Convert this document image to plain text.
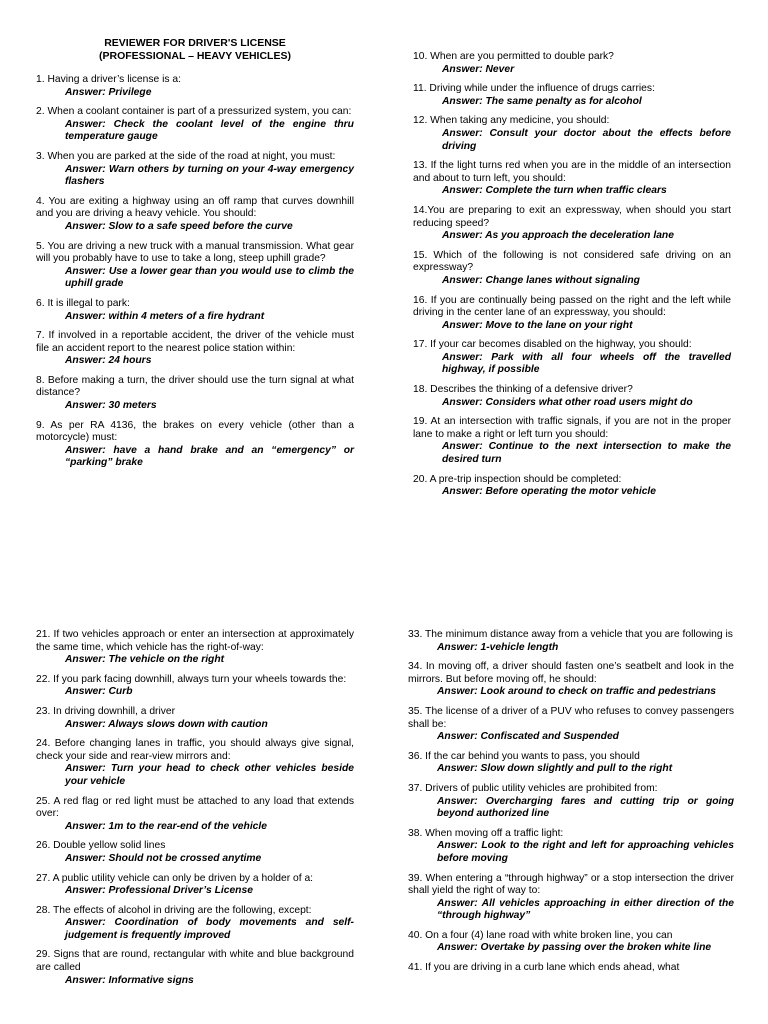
REVIEWER FOR DRIVER'S LICENSE
(PROFESSIONAL – HEAVY VEHICLES)
1. Having a driver’s license is a:
Answer: Privilege
2. When a coolant container is part of a pressurized system, you can:
Answer: Check the coolant level of the engine thru temperature gauge
3. When you are parked at the side of the road at night, you must:
Answer: Warn others by turning on your 4-way emergency flashers
4. You are exiting a highway using an off ramp that curves downhill and you are driving a heavy vehicle. You should:
Answer: Slow to a safe speed before the curve
5. You are driving a new truck with a manual transmission. What gear will you probably have to use to take a long, steep uphill grade?
Answer: Use a lower gear than you would use to climb the uphill grade
6. It is illegal to park:
Answer: within 4 meters of a fire hydrant
7. If involved in a reportable accident, the driver of the vehicle must file an accident report to the nearest police station within:
Answer: 24 hours
8. Before making a turn, the driver should use the turn signal at what distance?
Answer: 30 meters
9. As per RA 4136, the brakes on every vehicle (other than a motorcycle) must:
Answer: have a hand brake and an “emergency” or “parking” brake
10. When are you permitted to double park?
Answer: Never
11. Driving while under the influence of drugs carries:
Answer: The same penalty as for alcohol
12. When taking any medicine, you should:
Answer: Consult your doctor about the effects before driving
13. If the light turns red when you are in the middle of an intersection and about to turn left, you should:
Answer: Complete the turn when traffic clears
14.You are preparing to exit an expressway, when should you start reducing speed?
Answer: As you approach the deceleration lane
15. Which of the following is not considered safe driving on an expressway?
Answer: Change lanes without signaling
16. If you are continually being passed on the right and the left while driving in the center lane of an expressway, you should:
Answer: Move to the lane on your right
17. If your car becomes disabled on the highway, you should:
Answer: Park with all four wheels off the travelled highway, if possible
18. Describes the thinking of a defensive driver?
Answer: Considers what other road users might do
19. At an intersection with traffic signals, if you are not in the proper lane to make a right or left turn you should:
Answer: Continue to the next intersection to make the desired turn
20. A pre-trip inspection should be completed:
Answer: Before operating the motor vehicle
21. If two vehicles approach or enter an intersection at approximately the same time, which vehicle has the right-of-way:
Answer: The vehicle on the right
22. If you park facing downhill, always turn your wheels towards the:
Answer: Curb
23. In driving downhill, a driver
Answer: Always slows down with caution
24. Before changing lanes in traffic, you should always give signal, check your side and rear-view mirrors and:
Answer: Turn your head to check other vehicles beside your vehicle
25. A red flag or red light must be attached to any load that extends over:
Answer: 1m to the rear-end of the vehicle
26. Double yellow solid lines
Answer: Should not be crossed anytime
27. A public utility vehicle can only be driven by a holder of a:
Answer: Professional Driver’s License
28. The effects of alcohol in driving are the following, except:
Answer: Coordination of body movements and self-judgement is frequently improved
29. Signs that are round, rectangular with white and blue background are called
Answer: Informative signs
33. The minimum distance away from a vehicle that you are following is
Answer: 1-vehicle length
34. In moving off, a driver should fasten one’s seatbelt and look in the mirrors. But before moving off, he should:
Answer: Look around to check on traffic and pedestrians
35. The license of a driver of a PUV who refuses to convey passengers shall be:
Answer: Confiscated and Suspended
36. If the car behind you wants to pass, you should
Answer: Slow down slightly and pull to the right
37. Drivers of public utility vehicles are prohibited from:
Answer: Overcharging fares and cutting trip or going beyond authorized line
38. When moving off a traffic light:
Answer: Look to the right and left for approaching vehicles before moving
39. When entering a “through highway” or a stop intersection the driver shall yield the right of way to:
Answer: All vehicles approaching in either direction of the “through highway”
40. On a four (4) lane road with white broken line, you can
Answer: Overtake by passing over the broken white line
41. If you are driving in a curb lane which ends ahead, what
